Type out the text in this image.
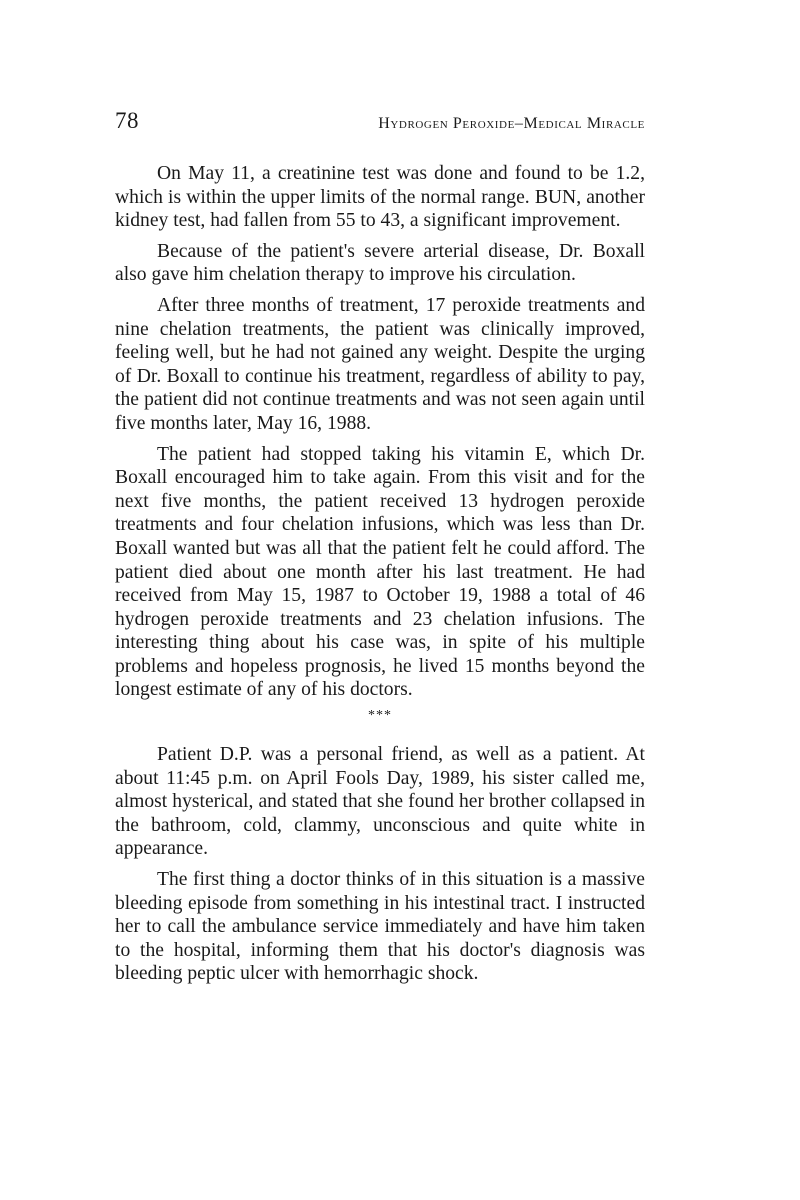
78	Hydrogen Peroxide–Medical Miracle

On May 11, a creatinine test was done and found to be 1.2, which is within the upper limits of the normal range. BUN, another kidney test, had fallen from 55 to 43, a significant improvement.

Because of the patient's severe arterial disease, Dr. Boxall also gave him chelation therapy to improve his circulation.

After three months of treatment, 17 peroxide treatments and nine chelation treatments, the patient was clinically improved, feeling well, but he had not gained any weight. Despite the urging of Dr. Boxall to continue his treatment, regardless of ability to pay, the patient did not continue treatments and was not seen again until five months later, May 16, 1988.

The patient had stopped taking his vitamin E, which Dr. Boxall encouraged him to take again. From this visit and for the next five months, the patient received 13 hydrogen peroxide treatments and four chelation infusions, which was less than Dr. Boxall wanted but was all that the patient felt he could afford. The patient died about one month after his last treatment. He had received from May 15, 1987 to October 19, 1988 a total of 46 hydrogen peroxide treatments and 23 chelation infusions. The interesting thing about his case was, in spite of his multiple problems and hopeless prognosis, he lived 15 months beyond the longest estimate of any of his doctors.

***

Patient D.P. was a personal friend, as well as a patient. At about 11:45 p.m. on April Fools Day, 1989, his sister called me, almost hysterical, and stated that she found her brother collapsed in the bathroom, cold, clammy, unconscious and quite white in appearance.

The first thing a doctor thinks of in this situation is a massive bleeding episode from something in his intestinal tract. I instructed her to call the ambulance service immediately and have him taken to the hospital, informing them that his doctor's diagnosis was bleeding peptic ulcer with hemorrhagic shock.
